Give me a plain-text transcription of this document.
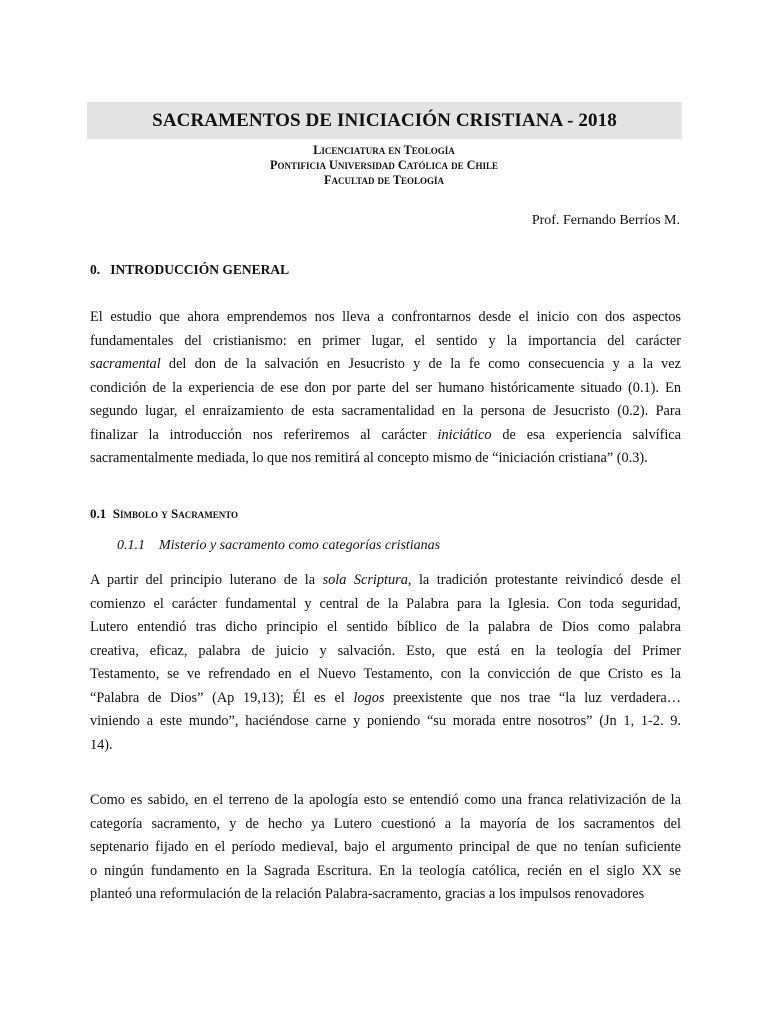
SACRAMENTOS DE INICIACIÓN CRISTIANA - 2018
Licenciatura en Teología
Pontificia Universidad Católica de Chile
Facultad de Teología
Prof. Fernando Berríos M.
0.   INTRODUCCIÓN GENERAL

El estudio que ahora emprendemos nos lleva a confrontarnos desde el inicio con dos aspectos
fundamentales del cristianismo: en primer lugar, el sentido y la importancia del carácter
sacramental del don de la salvación en Jesucristo y de la fe como consecuencia y a la vez
condición de la experiencia de ese don por parte del ser humano históricamente situado (0.1). En
segundo lugar, el enraizamiento de esta sacramentalidad en la persona de Jesucristo (0.2). Para
finalizar la introducción nos referiremos al carácter iniciático de esa experiencia salvífica
sacramentalmente mediada, lo que nos remitirá al concepto mismo de “iniciación cristiana” (0.3).

0.1 Símbolo y Sacramento
0.1.1    Misterio y sacramento como categorías cristianas

A partir del principio luterano de la sola Scriptura, la tradición protestante reivindicó desde el
comienzo el carácter fundamental y central de la Palabra para la Iglesia. Con toda seguridad,
Lutero entendió tras dicho principio el sentido bíblico de la palabra de Dios como palabra
creativa, eficaz, palabra de juicio y salvación. Esto, que está en la teología del Primer
Testamento, se ve refrendado en el Nuevo Testamento, con la convicción de que Cristo es la
“Palabra de Dios” (Ap 19,13); Él es el logos preexistente que nos trae “la luz verdadera…
viniendo a este mundo”, haciéndose carne y poniendo “su morada entre nosotros” (Jn 1, 1-2. 9.
14).

Como es sabido, en el terreno de la apología esto se entendió como una franca relativización de la
categoría sacramento, y de hecho ya Lutero cuestionó a la mayoría de los sacramentos del
septenario fijado en el período medieval, bajo el argumento principal de que no tenían suficiente
o ningún fundamento en la Sagrada Escritura. En la teología católica, recién en el siglo XX se
planteó una reformulación de la relación Palabra-sacramento, gracias a los impulsos renovadores
